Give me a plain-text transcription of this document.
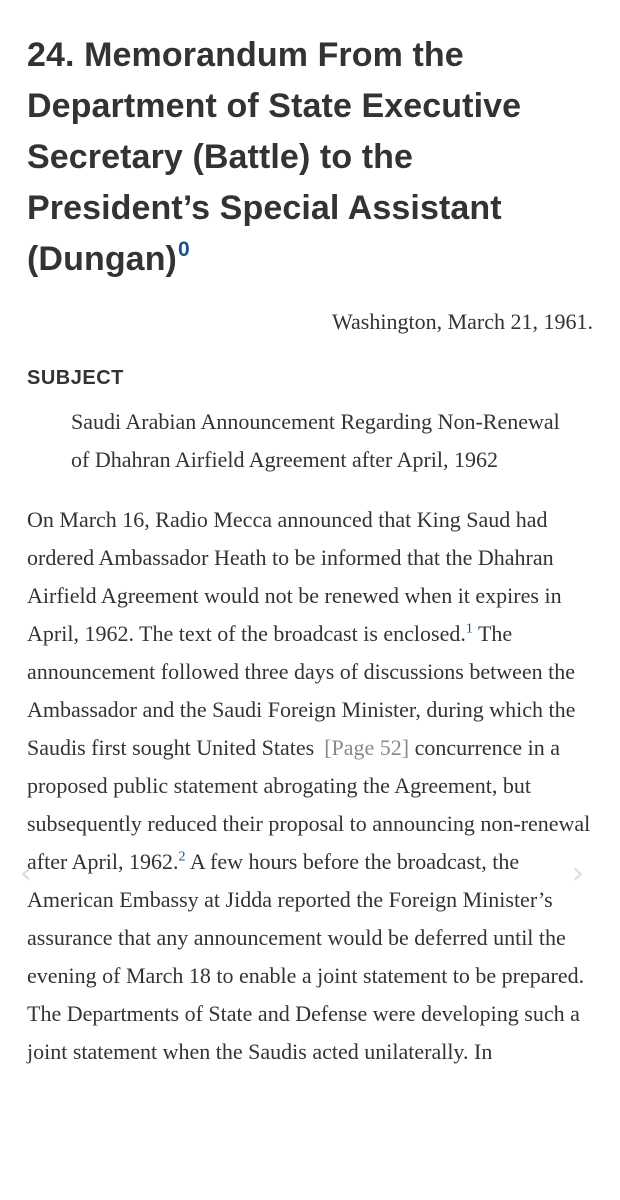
24. Memorandum From the Department of State Executive Secretary (Battle) to the President’s Special Assistant (Dungan)$^0$

Washington, March 21, 1961.

SUBJECT
Saudi Arabian Announcement Regarding Non-Renewal of Dhahran Airfield Agreement after April, 1962

On March 16, Radio Mecca announced that King Saud had ordered Ambassador Heath to be informed that the Dhahran Airfield Agreement would not be renewed when it expires in April, 1962. The text of the broadcast is enclosed.$^1$ The announcement followed three days of discussions between the Ambassador and the Saudi Foreign Minister, during which the Saudis first sought United States [Page 52] concurrence in a proposed public statement abrogating the Agreement, but subsequently reduced their proposal to announcing non-renewal after April, 1962.$^2$ A few hours before the broadcast, the American Embassy at Jidda reported the Foreign Minister’s assurance that any announcement would be deferred until the evening of March 18 to enable a joint statement to be prepared. The Departments of State and Defense were developing such a joint statement when the Saudis acted unilaterally. In

‹	›
